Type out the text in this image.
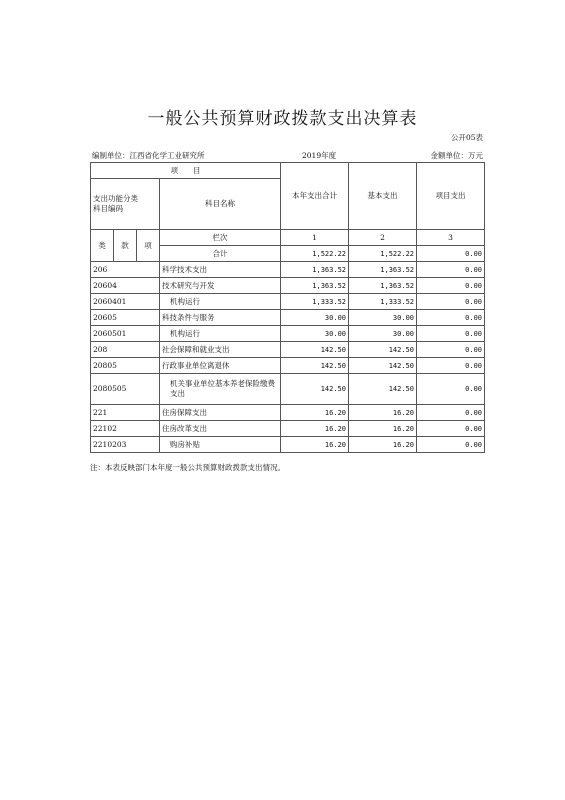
一般公共预算财政拨款支出决算表
公开05表
编制单位：江西省化学工业研究所	2019年度	金额单位：万元
项　　目				本年支出合计	基本支出	项目支出
支出功能分类
科目编码			科目名称			
类	款	项	栏次	1	2	3
			合计	1,522.22	1,522.22	0.00
206			科学技术支出	1,363.52	1,363.52	0.00
20604			技术研究与开发	1,363.52	1,363.52	0.00
2060401			机构运行	1,333.52	1,333.52	0.00
20605			科技条件与服务	30.00	30.00	0.00
2060501			机构运行	30.00	30.00	0.00
208			社会保障和就业支出	142.50	142.50	0.00
20805			行政事业单位离退休	142.50	142.50	0.00
2080505			机关事业单位基本养老保险缴费支出	142.50	142.50	0.00
221			住房保障支出	16.20	16.20	0.00
22102			住房改革支出	16.20	16.20	0.00
2210203			购房补贴	16.20	16.20	0.00
注：本表反映部门本年度一般公共预算财政拨款支出情况。
